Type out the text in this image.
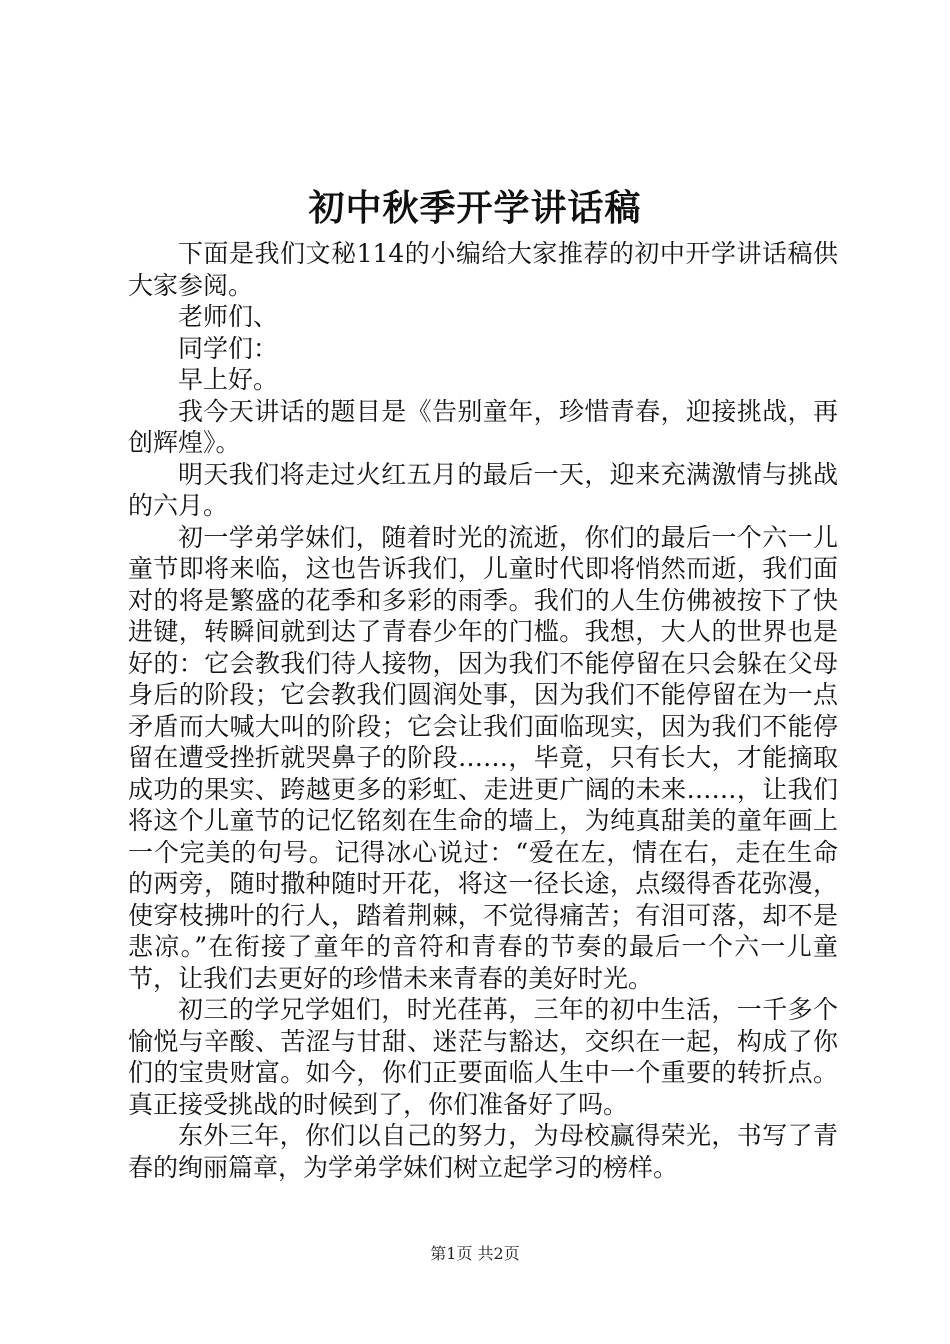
初中秋季开学讲话稿

下面是我们文秘114的小编给大家推荐的初中开学讲话稿供大家参阅。

老师们、

同学们：

早上好。

我今天讲话的题目是《告别童年，珍惜青春，迎接挑战，再创辉煌》。

明天我们将走过火红五月的最后一天，迎来充满激情与挑战的六月。

初一学弟学妹们，随着时光的流逝，你们的最后一个六一儿童节即将来临，这也告诉我们，儿童时代即将悄然而逝，我们面对的将是繁盛的花季和多彩的雨季。我们的人生仿佛被按下了快进键，转瞬间就到达了青春少年的门槛。我想，大人的世界也是好的：它会教我们待人接物，因为我们不能停留在只会躲在父母身后的阶段；它会教我们圆润处事，因为我们不能停留在为一点矛盾而大喊大叫的阶段；它会让我们面临现实，因为我们不能停留在遭受挫折就哭鼻子的阶段……，毕竟，只有长大，才能摘取成功的果实、跨越更多的彩虹、走进更广阔的未来……，让我们将这个儿童节的记忆铭刻在生命的墙上，为纯真甜美的童年画上一个完美的句号。记得冰心说过：“爱在左，情在右，走在生命的两旁，随时撒种随时开花，将这一径长途，点缀得香花弥漫，使穿枝拂叶的行人，踏着荆棘，不觉得痛苦；有泪可落，却不是悲凉。”在衔接了童年的音符和青春的节奏的最后一个六一儿童节，让我们去更好的珍惜未来青春的美好时光。

初三的学兄学姐们，时光荏苒，三年的初中生活，一千多个愉悦与辛酸、苦涩与甘甜、迷茫与豁达，交织在一起，构成了你们的宝贵财富。如今，你们正要面临人生中一个重要的转折点。真正接受挑战的时候到了，你们准备好了吗。

东外三年，你们以自己的努力，为母校赢得荣光，书写了青春的绚丽篇章，为学弟学妹们树立起学习的榜样。

第1页 共2页
